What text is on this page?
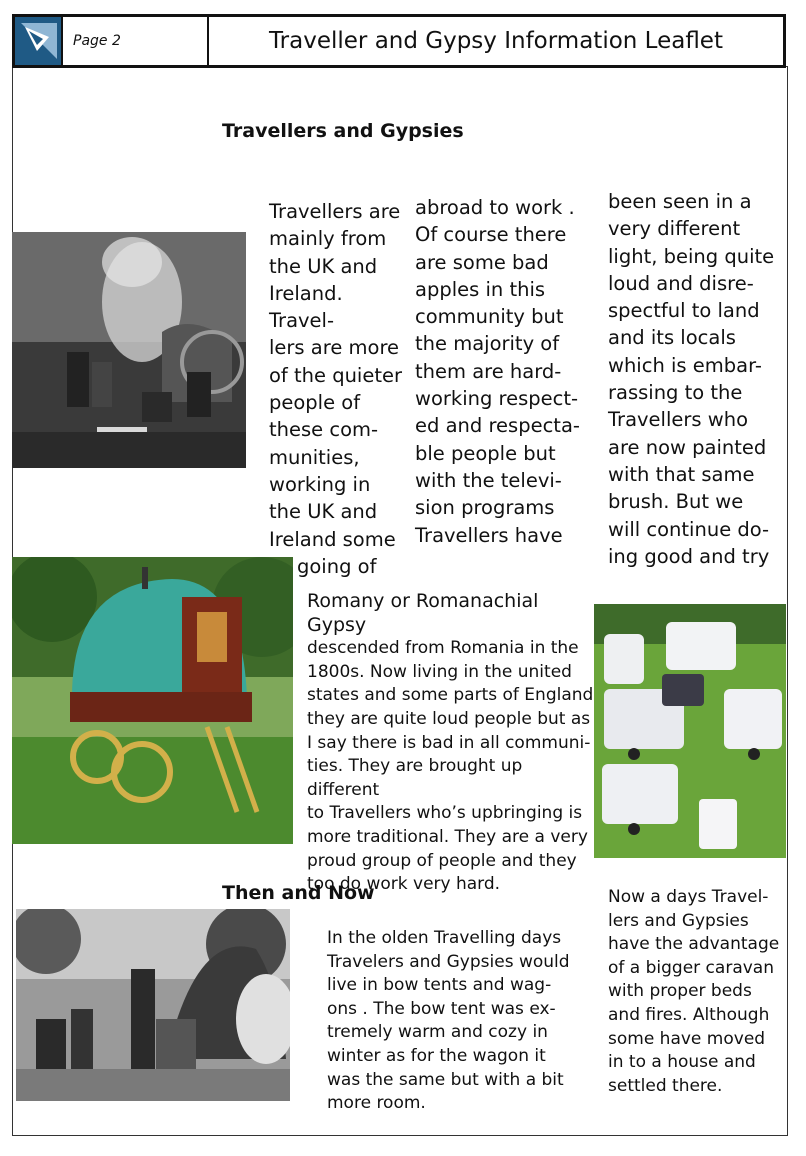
Page 2	Traveller and Gypsy Information Leaflet
Travellers and Gypsies

Travellers are

mainly from

the UK and

Ireland. Travel-

lers are more

of the quieter

people of

these com-

munities,

working in

the UK and

Ireland some

going of

abroad to work .

Of course there

are some bad

apples in this

community but

the majority of

them are hard-

working respect-

ed and respecta-

ble people but

with the televi-

sion programs

Travellers have

been seen in a

very different

light, being quite

loud and disre-

spectful to land

and its locals

which is embar-

rassing to the

Travellers who

are now painted

with that same

brush. But we

will continue do-

ing good and try

Romany or Romanachial Gypsy

descended from Romania in the

1800s. Now living in the united

states and some parts of England

they are quite loud people but as

I say there is bad in all communi-

ties. They are brought up different

to Travellers who’s upbringing is

more traditional. They are a very

proud group of people and they

too do work very hard.

Then and Now

In the olden Travelling days

Travelers and Gypsies would

live in bow tents and wag-

ons . The bow tent was ex-

tremely warm and cozy in

winter as for the wagon it

was the same but with a bit

more room.

Now a days Travel-

lers and Gypsies

have the advantage

of a bigger caravan

with proper beds

and fires. Although

some have moved

in to a house and

settled there.
